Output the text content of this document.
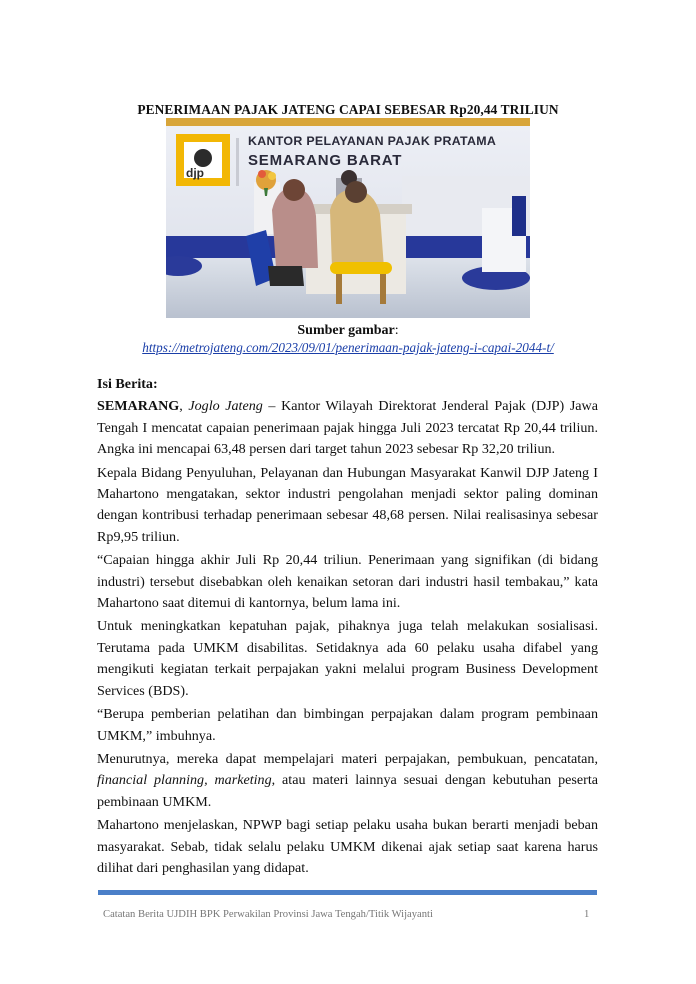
PENERIMAAN PAJAK JATENG CAPAI SEBESAR Rp20,44 TRILIUN
KANTOR PELAYANAN PAJAK PRATAMA
SEMARANG BARAT
djp
Sumber gambar:
https://metrojateng.com/2023/09/01/penerimaan-pajak-jateng-i-capai-2044-t/

Isi Berita:

SEMARANG, Joglo Jateng – Kantor Wilayah Direktorat Jenderal Pajak (DJP) Jawa Tengah I mencatat capaian penerimaan pajak hingga Juli 2023 tercatat Rp 20,44 triliun. Angka ini mencapai 63,48 persen dari target tahun 2023 sebesar Rp 32,20 triliun.

Kepala Bidang Penyuluhan, Pelayanan dan Hubungan Masyarakat Kanwil DJP Jateng I Mahartono mengatakan, sektor industri pengolahan menjadi sektor paling dominan dengan kontribusi terhadap penerimaan sebesar 48,68 persen. Nilai realisasinya sebesar Rp9,95 triliun.

“Capaian hingga akhir Juli Rp 20,44 triliun. Penerimaan yang signifikan (di bidang industri) tersebut disebabkan oleh kenaikan setoran dari industri hasil tembakau,” kata Mahartono saat ditemui di kantornya, belum lama ini.

Untuk meningkatkan kepatuhan pajak, pihaknya juga telah melakukan sosialisasi. Terutama pada UMKM disabilitas. Setidaknya ada 60 pelaku usaha difabel yang mengikuti kegiatan terkait perpajakan yakni melalui program Business Development Services (BDS).

“Berupa pemberian pelatihan dan bimbingan perpajakan dalam program pembinaan UMKM,” imbuhnya.

Menurutnya, mereka dapat mempelajari materi perpajakan, pembukuan, pencatatan, financial planning, marketing, atau materi lainnya sesuai dengan kebutuhan peserta pembinaan UMKM.

Mahartono menjelaskan, NPWP bagi setiap pelaku usaha bukan berarti menjadi beban masyarakat. Sebab, tidak selalu pelaku UMKM dikenai ajak setiap saat karena harus dilihat dari penghasilan yang didapat.

Catatan Berita UJDIH BPK Perwakilan Provinsi Jawa Tengah/Titik Wijayanti	1
